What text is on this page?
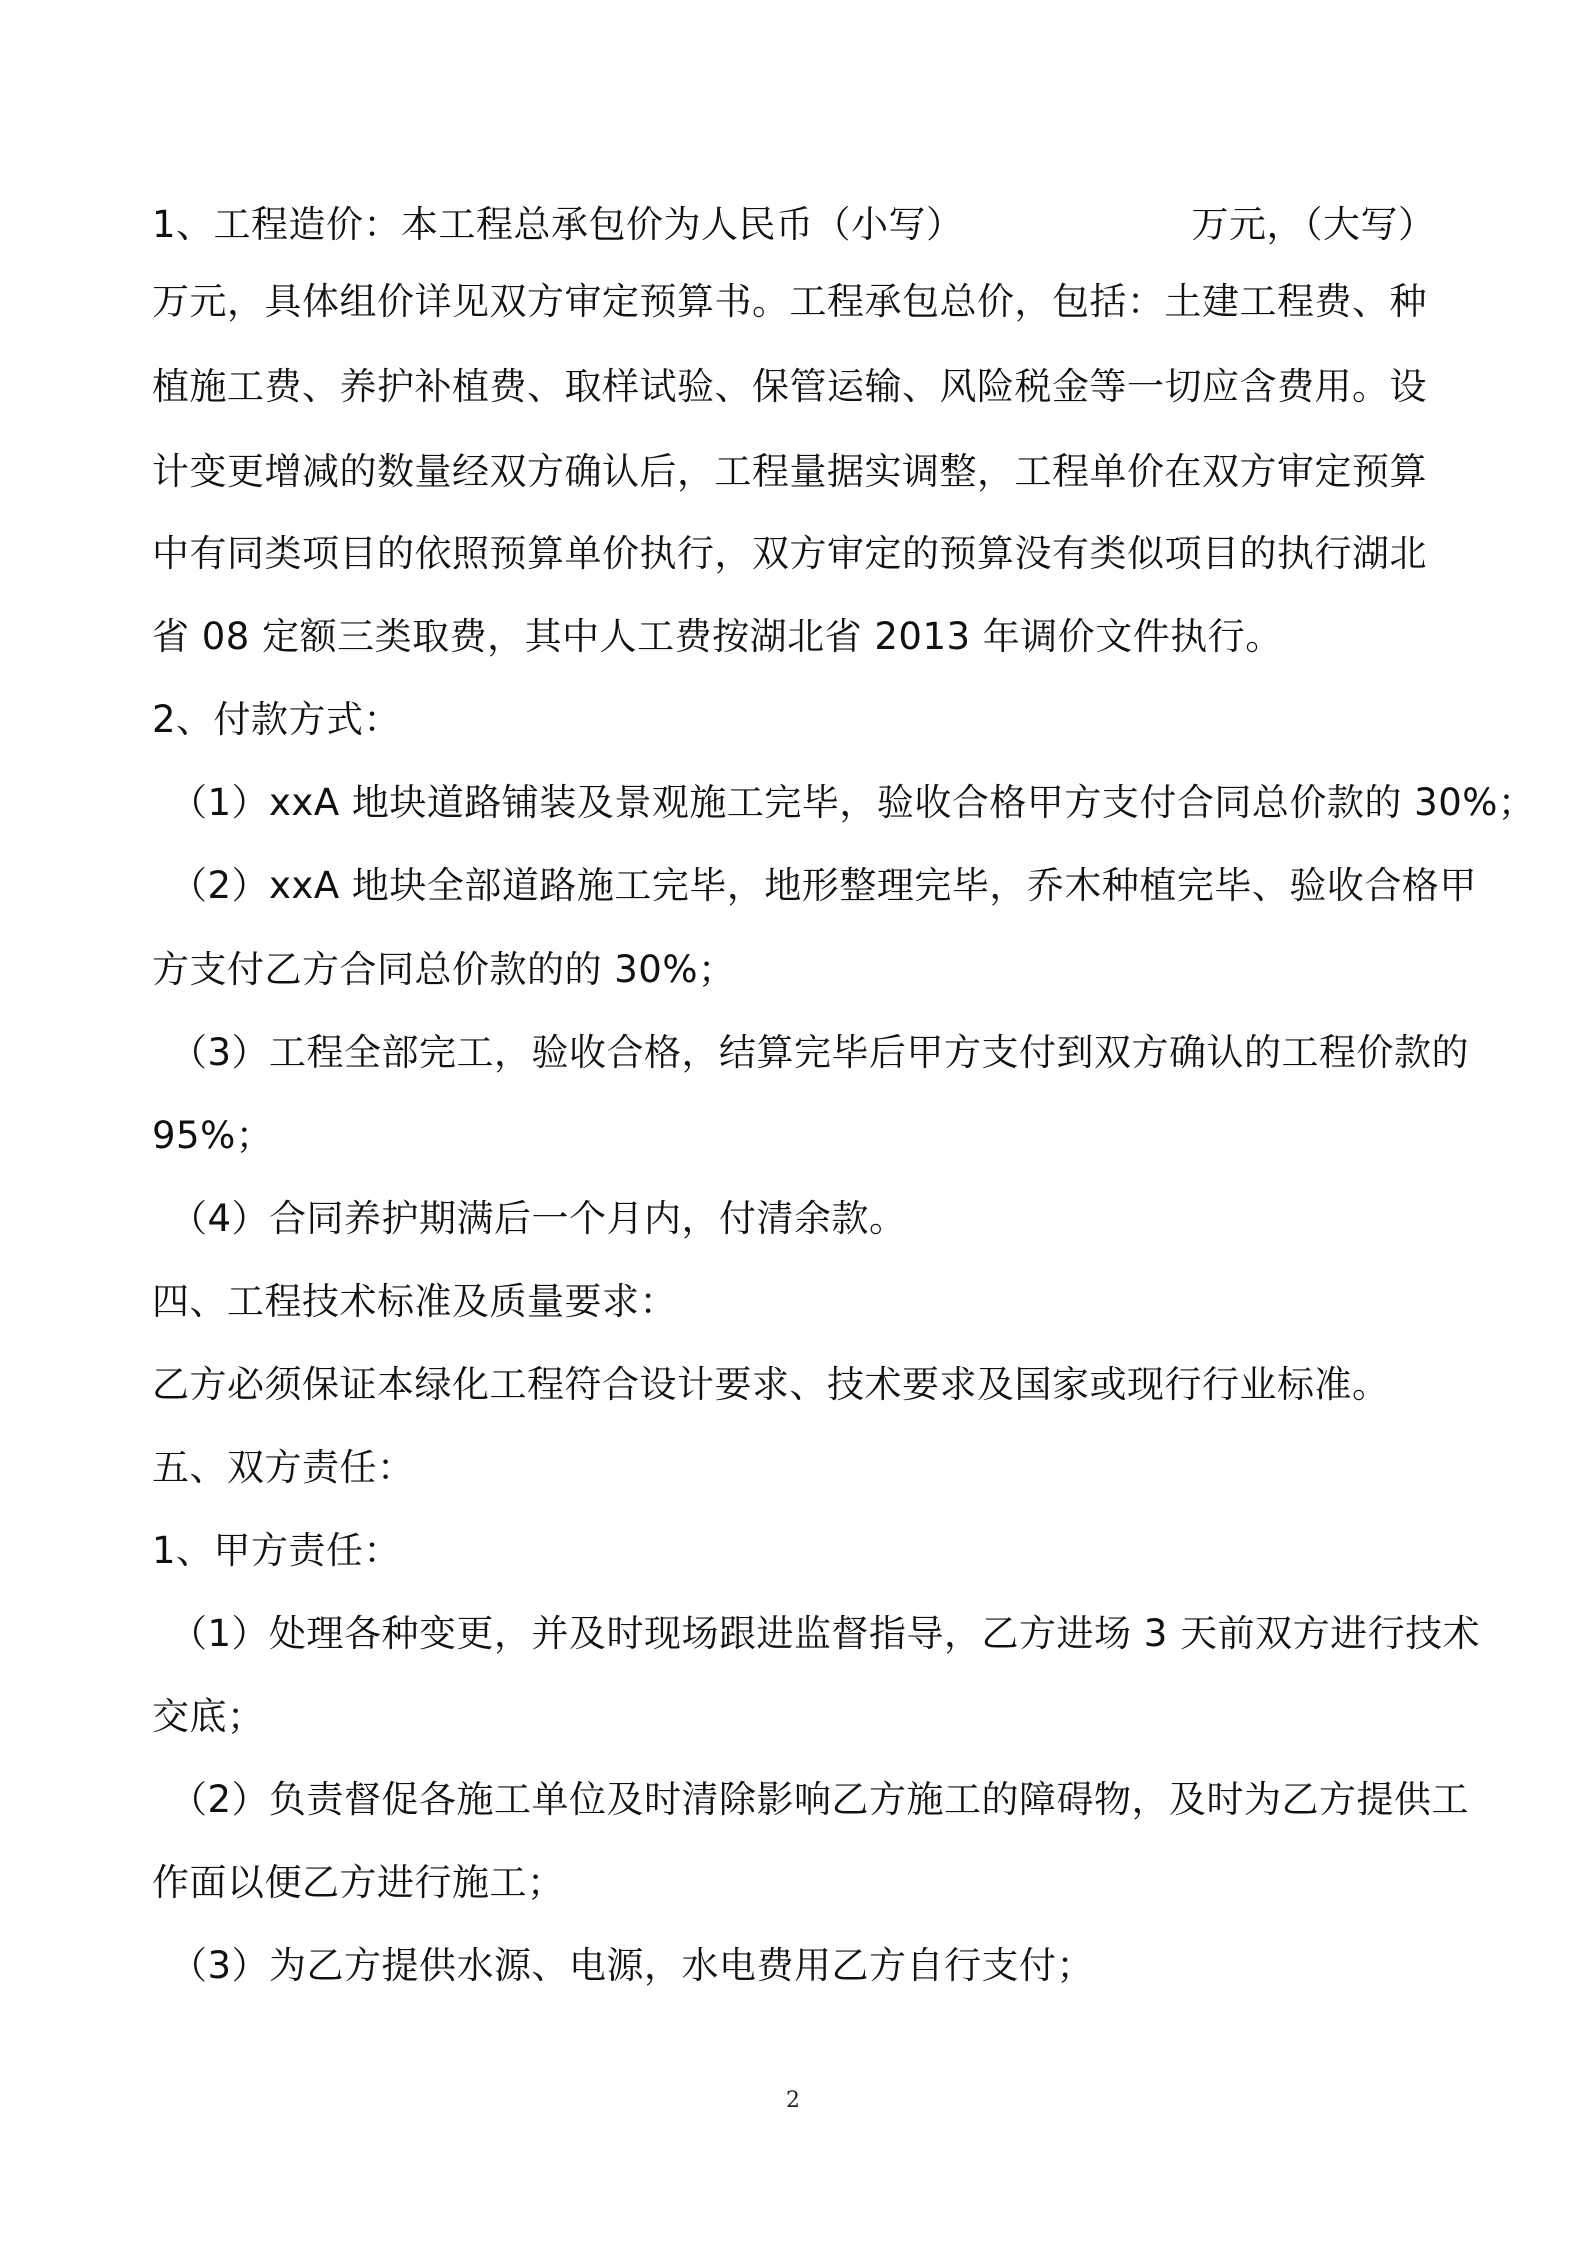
1、工程造价：本工程总承包价为人民币（小写）	万元，（大写）
万元，具体组价详见双方审定预算书。工程承包总价，包括：土建工程费、种
植施工费、养护补植费、取样试验、保管运输、风险税金等一切应含费用。设
计变更增减的数量经双方确认后，工程量据实调整，工程单价在双方审定预算
中有同类项目的依照预算单价执行，双方审定的预算没有类似项目的执行湖北
省 08 定额三类取费，其中人工费按湖北省 2013 年调价文件执行。
2、付款方式：
（1）xxA 地块道路铺装及景观施工完毕，验收合格甲方支付合同总价款的 30%；
（2）xxA 地块全部道路施工完毕，地形整理完毕，乔木种植完毕、验收合格甲
方支付乙方合同总价款的的 30%；
（3）工程全部完工，验收合格，结算完毕后甲方支付到双方确认的工程价款的
95%；
（4）合同养护期满后一个月内，付清余款。
四、工程技术标准及质量要求：
乙方必须保证本绿化工程符合设计要求、技术要求及国家或现行行业标准。
五、双方责任：
1、甲方责任：
（1）处理各种变更，并及时现场跟进监督指导，乙方进场 3 天前双方进行技术
交底；
（2）负责督促各施工单位及时清除影响乙方施工的障碍物，及时为乙方提供工
作面以便乙方进行施工；
（3）为乙方提供水源、电源，水电费用乙方自行支付；
2
